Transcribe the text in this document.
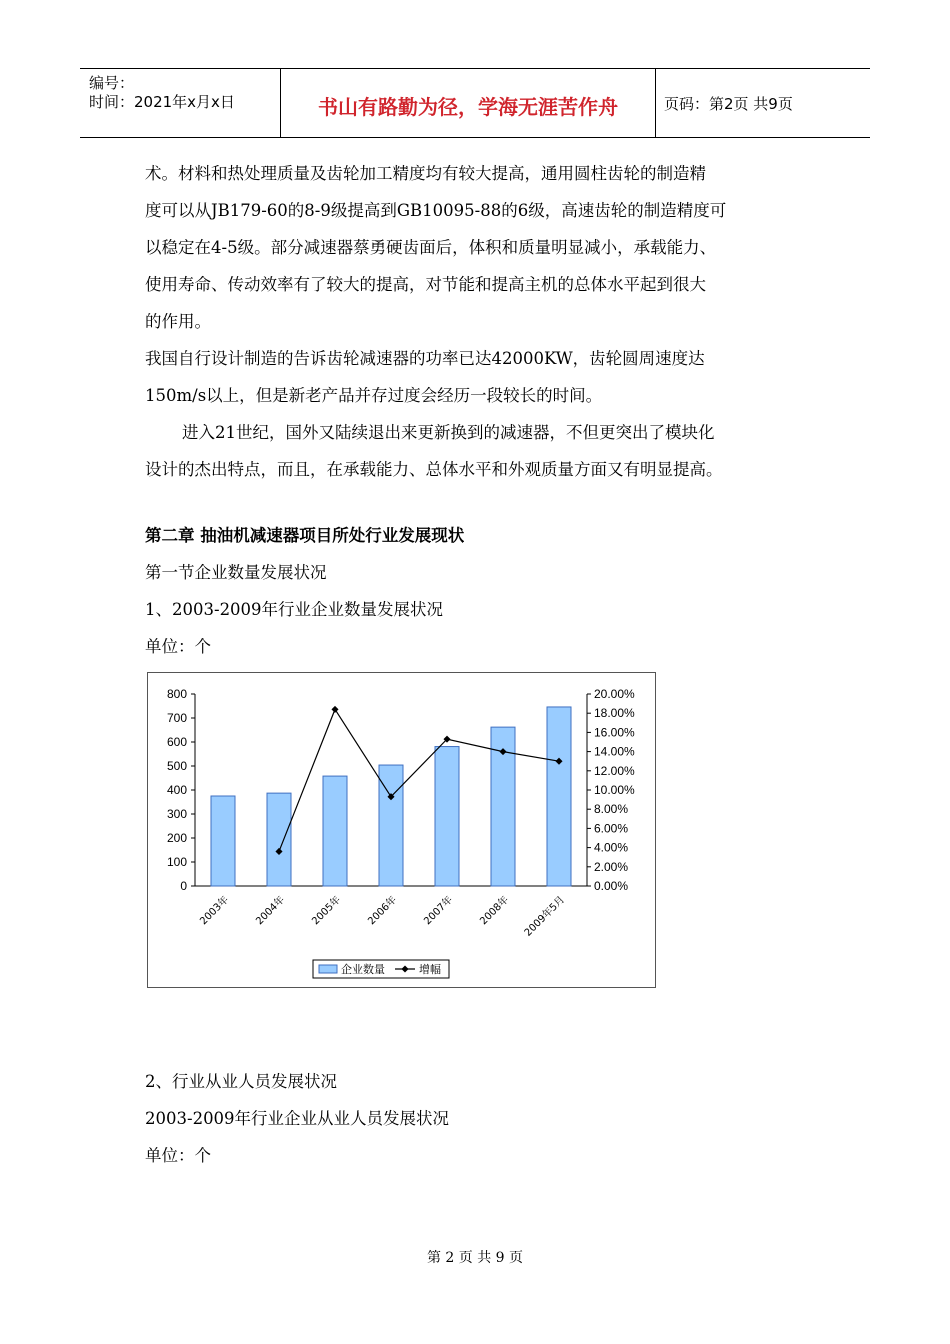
编号：
时间：2021年x月x日	书山有路勤为径，学海无涯苦作舟	页码：第2页 共9页

术。材料和热处理质量及齿轮加工精度均有较大提高，通用圆柱齿轮的制造精

度可以从JB179-60的8-9级提高到GB10095-88的6级，高速齿轮的制造精度可

以稳定在4-5级。部分减速器蔡勇硬齿面后，体积和质量明显减小，承载能力、

使用寿命、传动效率有了较大的提高，对节能和提高主机的总体水平起到很大

的作用。

我国自行设计制造的告诉齿轮减速器的功率已达42000KW，齿轮圆周速度达

150m/s以上，但是新老产品并存过度会经历一段较长的时间。

进入21世纪，国外又陆续退出来更新换到的减速器，不但更突出了模块化

设计的杰出特点，而且，在承载能力、总体水平和外观质量方面又有明显提高。

第二章 抽油机减速器项目所处行业发展现状

第一节企业数量发展状况

1、2003-2009年行业企业数量发展状况

单位：个

0
100
200
300
400
500
600
700
800
0.00%
2.00%
4.00%
6.00%
8.00%
10.00%
12.00%
14.00%
16.00%
18.00%
20.00%
2003年 2004年 2005年 2006年 2007年 2008年 2009年5月
企业数量	增幅

2、行业从业人员发展状况

2003-2009年行业企业从业人员发展状况

单位：个

第 2 页 共 9 页
